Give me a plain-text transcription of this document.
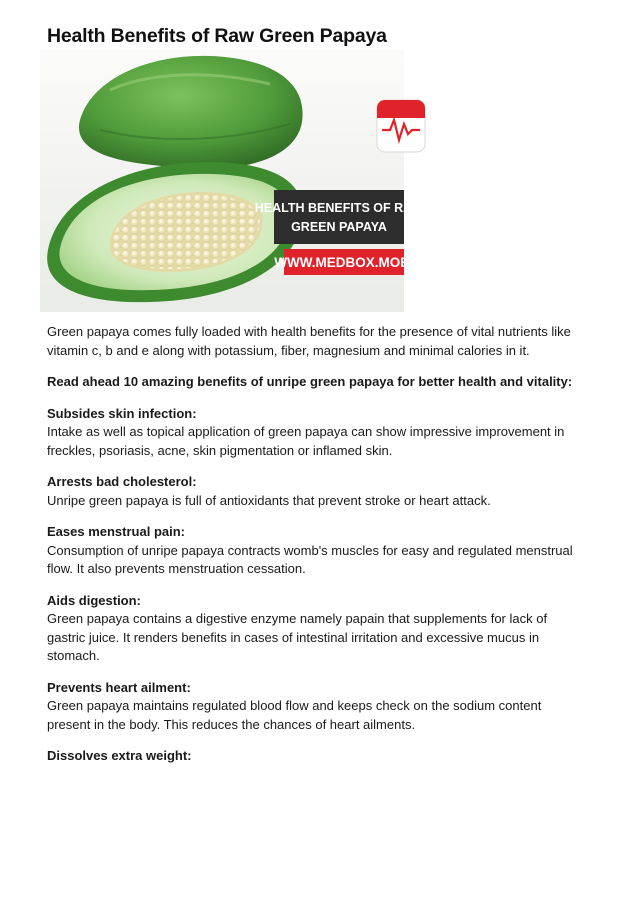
Health Benefits of Raw Green Papaya
HEALTH BENEFITS OF RAW
GREEN PAPAYA
WWW.MEDBOX.MOBI

Green papaya comes fully loaded with health benefits for the presence of vital nutrients like vitamin c, b and e along with potassium, fiber, magnesium and minimal calories in it.

Read ahead 10 amazing benefits of unripe green papaya for better health and vitality:

Subsides skin infection:
Intake as well as topical application of green papaya can show impressive improvement in freckles, psoriasis, acne, skin pigmentation or inflamed skin.

Arrests bad cholesterol:
Unripe green papaya is full of antioxidants that prevent stroke or heart attack.

Eases menstrual pain:
Consumption of unripe papaya contracts womb's muscles for easy and regulated menstrual flow. It also prevents menstruation cessation.

Aids digestion:
Green papaya contains a digestive enzyme namely papain that supplements for lack of gastric juice. It renders benefits in cases of intestinal irritation and excessive mucus in stomach.

Prevents heart ailment:
Green papaya maintains regulated blood flow and keeps check on the sodium content present in the body. This reduces the chances of heart ailments.

Dissolves extra weight:
